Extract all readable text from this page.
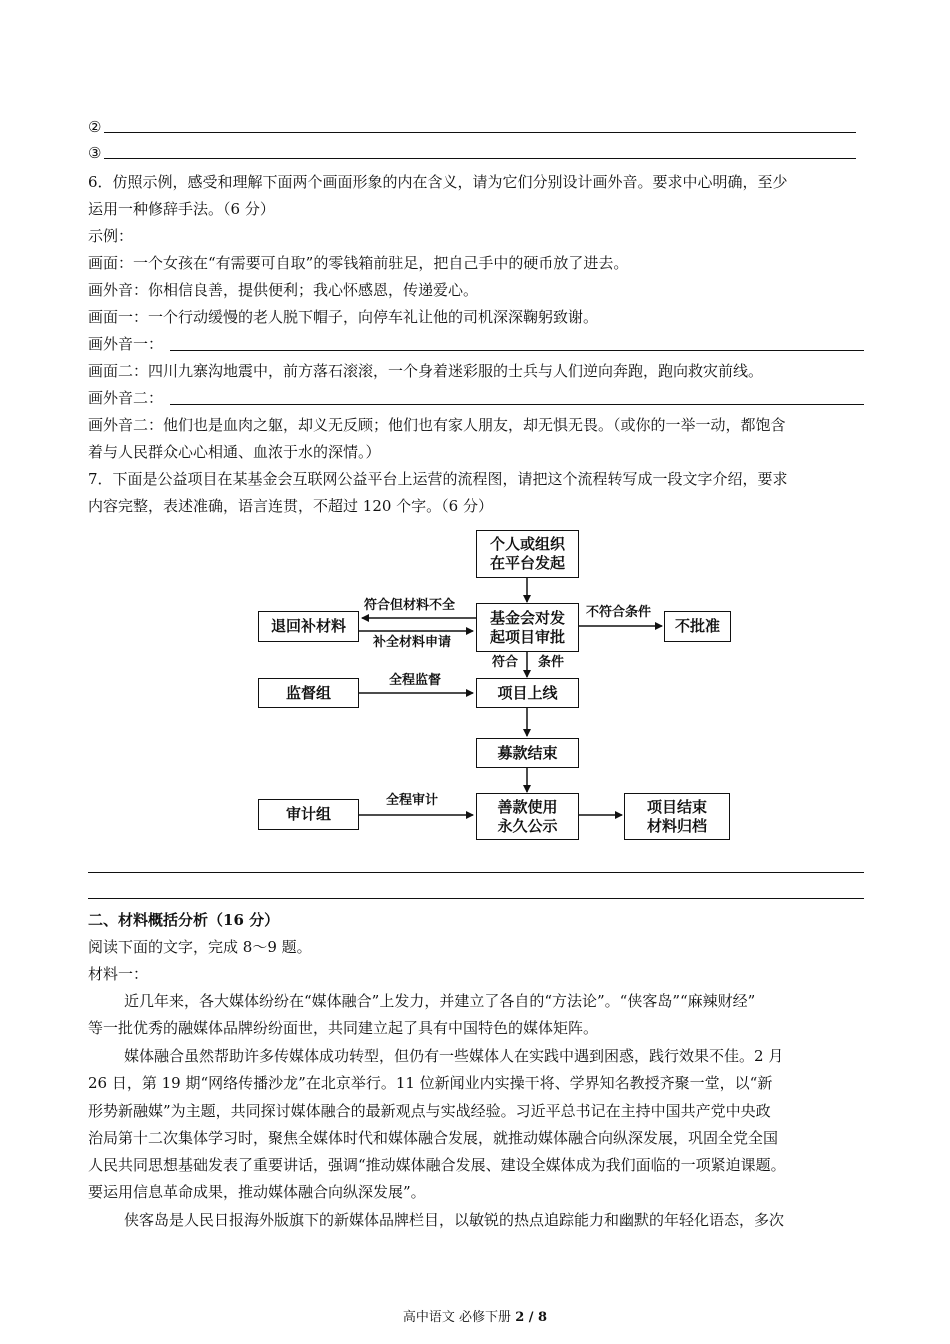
②
③
6．仿照示例，感受和理解下面两个画面形象的内在含义，请为它们分别设计画外音。要求中心明确，至少
运用一种修辞手法。（6 分）
示例：
画面：一个女孩在“有需要可自取”的零钱箱前驻足，把自己手中的硬币放了进去。
画外音：你相信良善，提供便利；我心怀感恩，传递爱心。
画面一：一个行动缓慢的老人脱下帽子，向停车礼让他的司机深深鞠躬致谢。
画外音一：
画面二：四川九寨沟地震中，前方落石滚滚，一个身着迷彩服的士兵与人们逆向奔跑，跑向救灾前线。
画外音二：
画外音二：他们也是血肉之躯，却义无反顾；他们也有家人朋友，却无惧无畏。（或你的一举一动，都饱含
着与人民群众心心相通、血浓于水的深情。）
7．下面是公益项目在某基金会互联网公益平台上运营的流程图，请把这个流程转写成一段文字介绍，要求
内容完整，表述准确，语言连贯，不超过 120 个字。（6 分）
个人或组织
在平台发起
基金会对发
起项目审批
退回补材料	不批准
监督组	项目上线
募款结束
审计组	善款使用
永久公示
项目结束
材料归档
符合但材料不全
补全材料申请
不符合条件
符合 条件
全程监督
全程审计
二、材料概括分析（16 分）
阅读下面的文字，完成 8～9 题。
材料一：
近几年来，各大媒体纷纷在“媒体融合”上发力，并建立了各自的“方法论”。“侠客岛”“麻辣财经”
等一批优秀的融媒体品牌纷纷面世，共同建立起了具有中国特色的媒体矩阵。
媒体融合虽然帮助许多传媒体成功转型，但仍有一些媒体人在实践中遇到困惑，践行效果不佳。2 月
26 日，第 19 期“网络传播沙龙”在北京举行。11 位新闻业内实操干将、学界知名教授齐聚一堂，以“新
形势新融媒”为主题，共同探讨媒体融合的最新观点与实战经验。习近平总书记在主持中国共产党中央政
治局第十二次集体学习时，聚焦全媒体时代和媒体融合发展，就推动媒体融合向纵深发展，巩固全党全国
人民共同思想基础发表了重要讲话，强调“推动媒体融合发展、建设全媒体成为我们面临的一项紧迫课题。
要运用信息革命成果，推动媒体融合向纵深发展”。
侠客岛是人民日报海外版旗下的新媒体品牌栏目，以敏锐的热点追踪能力和幽默的年轻化语态，多次
高中语文 必修下册 2 / 8
